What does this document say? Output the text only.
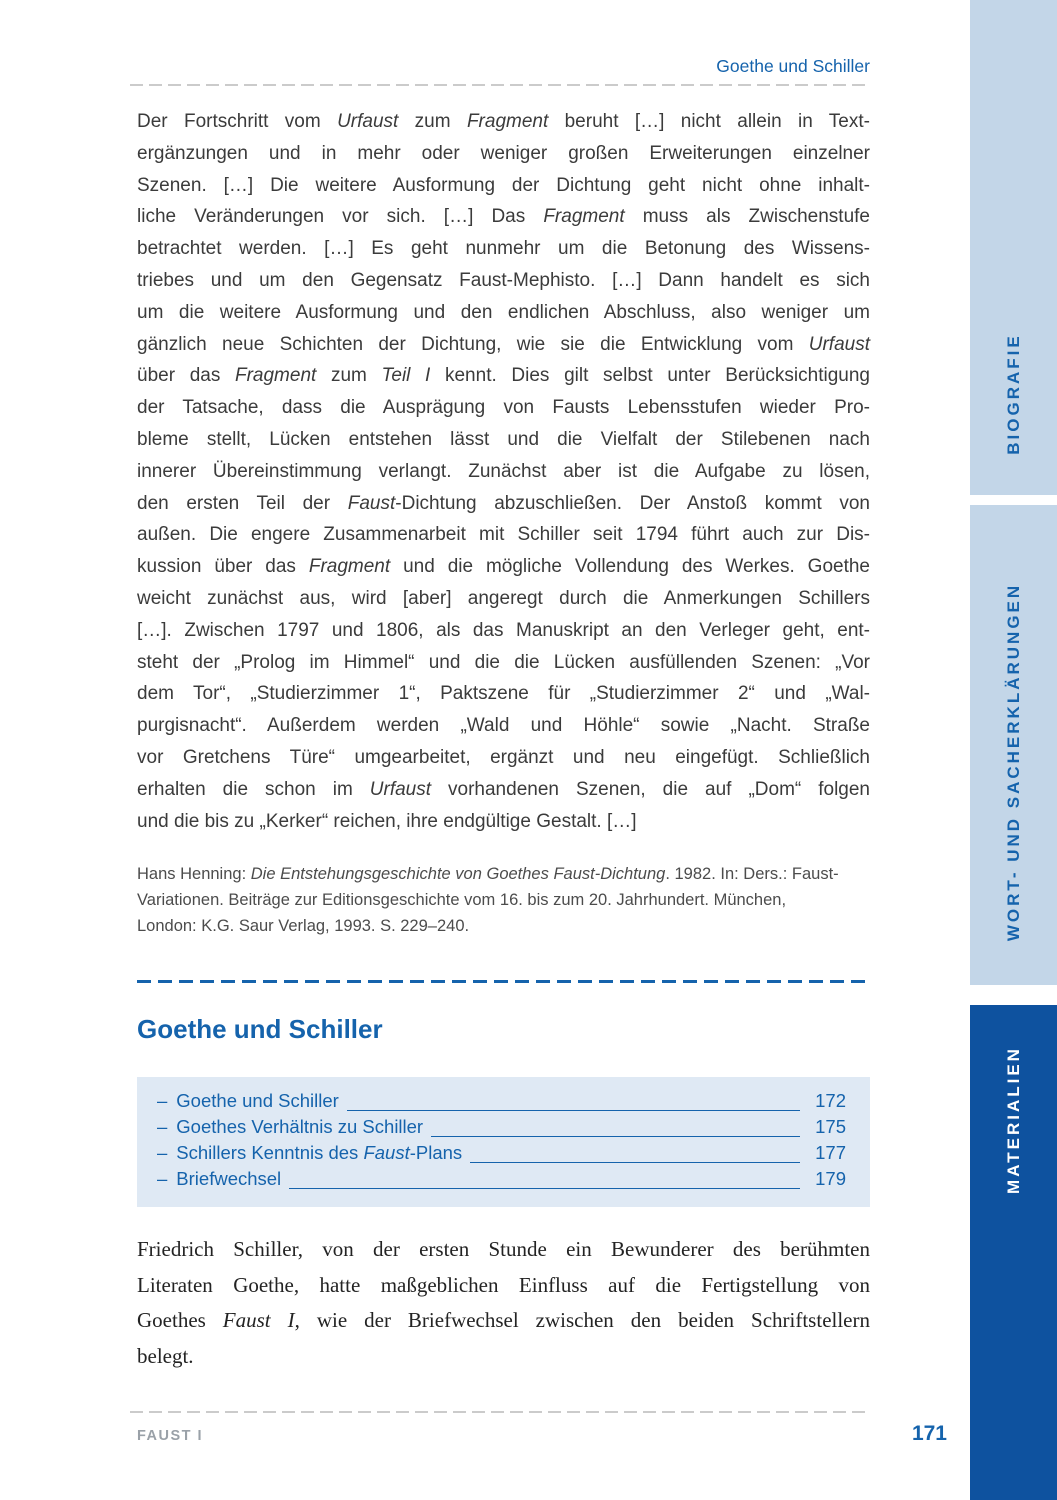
Goethe und Schiller
Der Fortschritt vom Urfaust zum Fragment beruht […] nicht allein in Text-
ergänzungen und in mehr oder weniger großen Erweiterungen einzelner
Szenen. […] Die weitere Ausformung der Dichtung geht nicht ohne inhalt-
liche Veränderungen vor sich. […] Das Fragment muss als Zwischenstufe
betrachtet werden. […] Es geht nunmehr um die Betonung des Wissens-
triebes und um den Gegensatz Faust-Mephisto. […] Dann handelt es sich
um die weitere Ausformung und den endlichen Abschluss, also weniger um
gänzlich neue Schichten der Dichtung, wie sie die Entwicklung vom Urfaust
über das Fragment zum Teil I kennt. Dies gilt selbst unter Berücksichtigung
der Tatsache, dass die Ausprägung von Fausts Lebensstufen wieder Pro-
bleme stellt, Lücken entstehen lässt und die Vielfalt der Stilebenen nach
innerer Übereinstimmung verlangt. Zunächst aber ist die Aufgabe zu lösen,
den ersten Teil der Faust-Dichtung abzuschließen. Der Anstoß kommt von
außen. Die engere Zusammenarbeit mit Schiller seit 1794 führt auch zur Dis-
kussion über das Fragment und die mögliche Vollendung des Werkes. Goethe
weicht zunächst aus, wird [aber] angeregt durch die Anmerkungen Schillers
[…]. Zwischen 1797 und 1806, als das Manuskript an den Verleger geht, ent-
steht der „Prolog im Himmel“ und die die Lücken ausfüllenden Szenen: „Vor
dem Tor“, „Studierzimmer 1“, Paktszene für „Studierzimmer 2“ und „Wal-
purgisnacht“. Außerdem werden „Wald und Höhle“ sowie „Nacht. Straße
vor Gretchens Türe“ umgearbeitet, ergänzt und neu eingefügt. Schließlich
erhalten die schon im Urfaust vorhandenen Szenen, die auf „Dom“ folgen
und die bis zu „Kerker“ reichen, ihre endgültige Gestalt. […]
Hans Henning: Die Entstehungsgeschichte von Goethes Faust-Dichtung. 1982. In: Ders.: Faust-
Variationen. Beiträge zur Editionsgeschichte vom 16. bis zum 20. Jahrhundert. München,
London: K.G. Saur Verlag, 1993. S. 229–240.
Goethe und Schiller
– Goethe und Schiller	172
– Goethes Verhältnis zu Schiller	175
– Schillers Kenntnis des Faust-Plans	177
– Briefwechsel	179
Friedrich Schiller, von der ersten Stunde ein Bewunderer des berühmten
Literaten Goethe, hatte maßgeblichen Einfluss auf die Fertigstellung von
Goethes Faust I, wie der Briefwechsel zwischen den beiden Schriftstellern
belegt.
FAUST I	171
BIOGRAFIE
WORT- UND SACHERKLÄRUNGEN
MATERIALIEN
